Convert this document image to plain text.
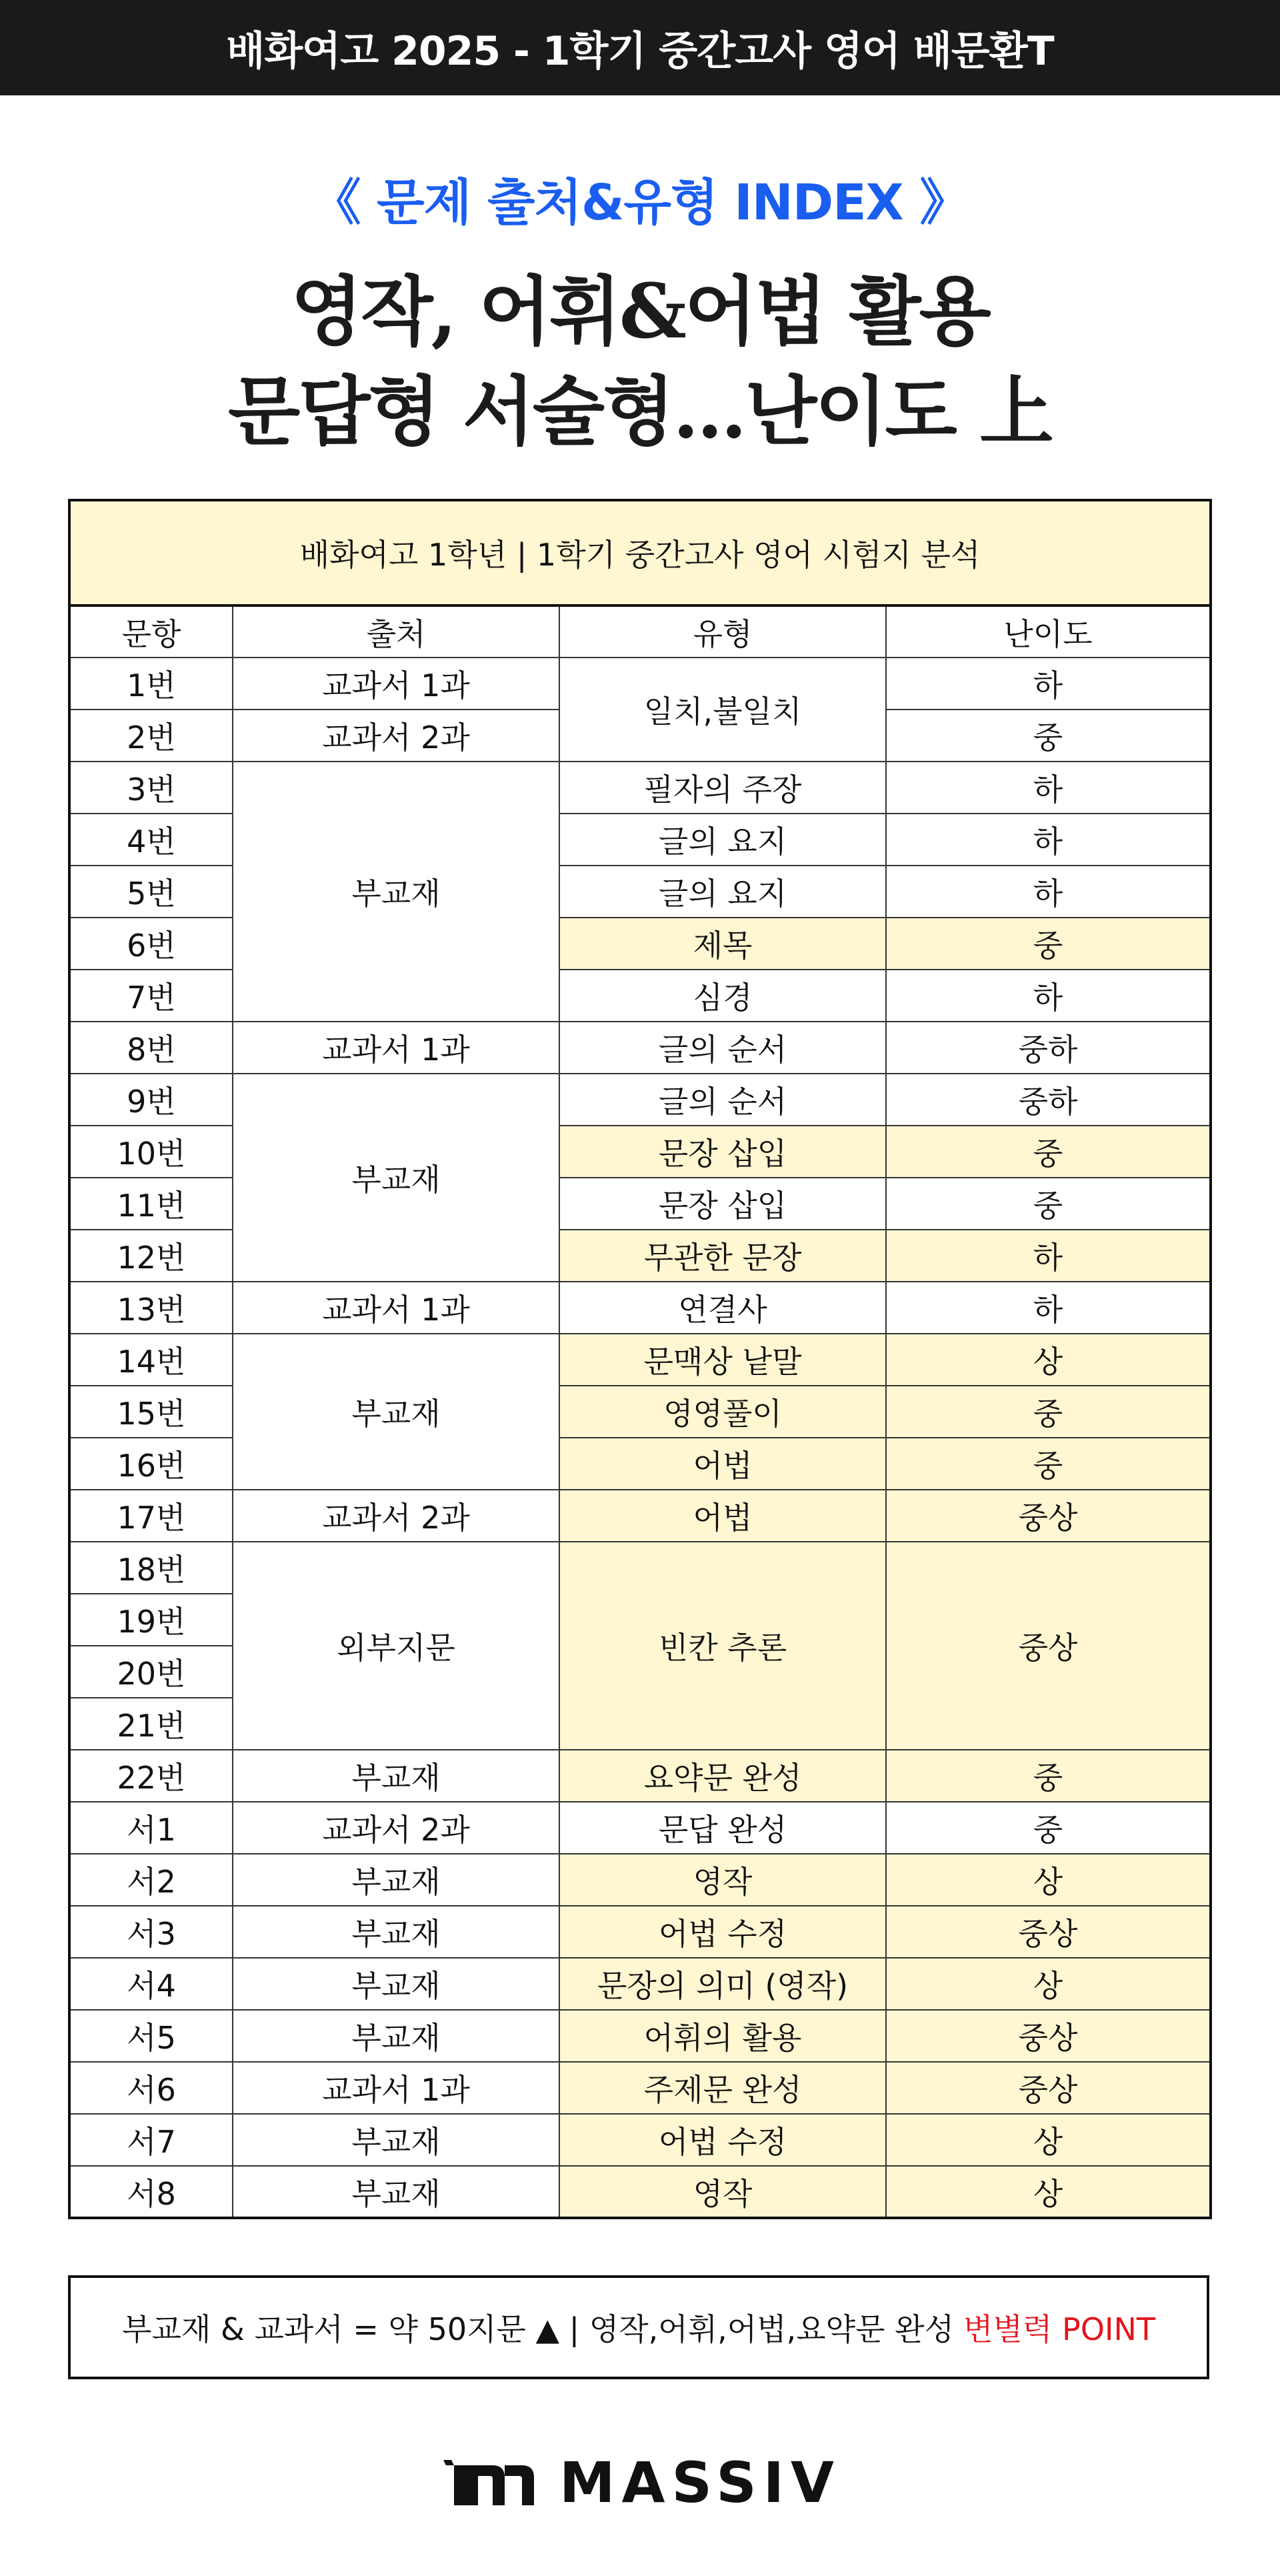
배화여고 2025 - 1학기 중간고사 영어 배문환T
《 문제 출처&유형 INDEX 》
영작, 어휘&어법 활용
문답형 서술형...난이도 上
배화여고 1학년 | 1학기 중간고사 영어 시험지 분석			
문항	출처	유형	난이도
1번	교과서 1과	일치,불일치	하
2번	교과서 2과		중
3번	부교재	필자의 주장	하
4번		글의 요지	하
5번		글의 요지	하
6번		제목	중
7번		심경	하
8번	교과서 1과	글의 순서	중하
9번	부교재	글의 순서	중하
10번		문장 삽입	중
11번		문장 삽입	중
12번		무관한 문장	하
13번	교과서 1과	연결사	하
14번	부교재	문맥상 낱말	상
15번		영영풀이	중
16번		어법	중
17번	교과서 2과	어법	중상
18번	외부지문	빈칸 추론	중상
19번			
20번			
21번			
22번	부교재	요약문 완성	중
서1	교과서 2과	문답 완성	중
서2	부교재	영작	상
서3	부교재	어법 수정	중상
서4	부교재	문장의 의미 (영작)	상
서5	부교재	어휘의 활용	중상
서6	교과서 1과	주제문 완성	중상
서7	부교재	어법 수정	상
서8	부교재	영작	상
부교재 & 교과서 = 약 50지문 ▲ | 영작,어휘,어법,요약문 완성 변별력 POINT
MASSIV
